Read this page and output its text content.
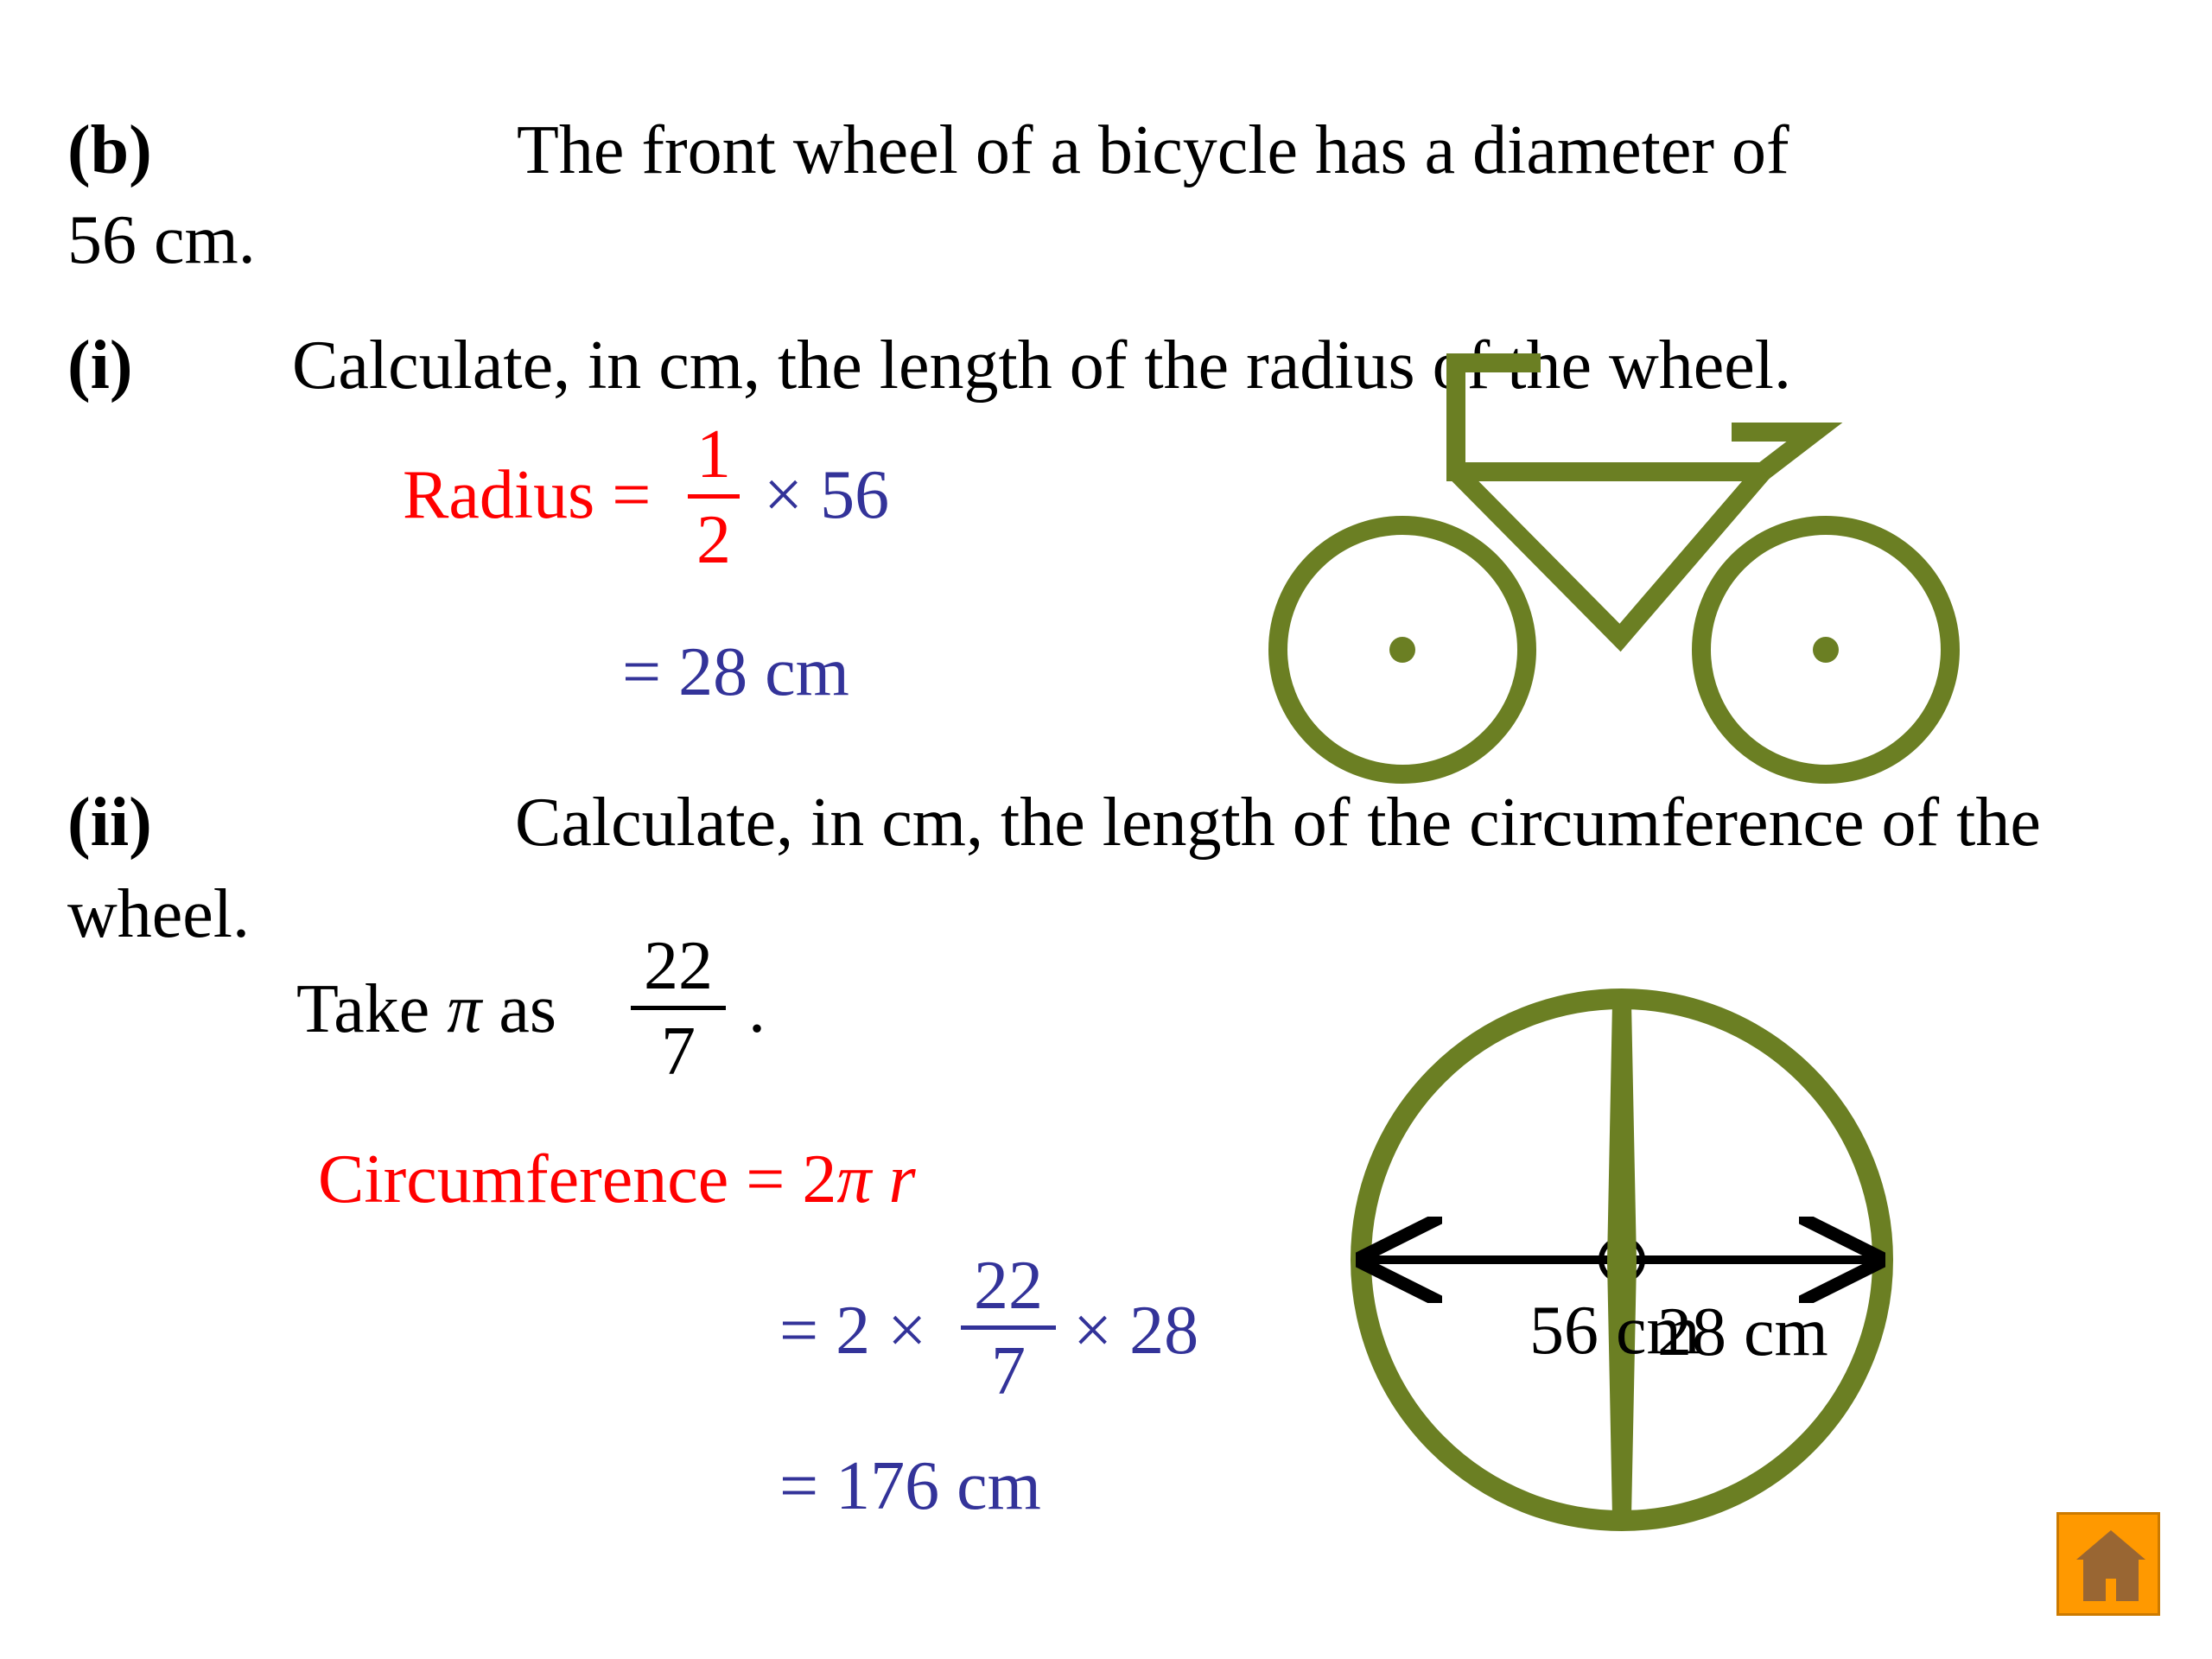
(b)	The front wheel of a bicycle has a diameter of
56 cm.
(i) Calculate, in cm, the length of the radius of the wheel.
Radius =
1
2
× 56
= 28 cm
(ii)	Calculate, in cm, the length of the circumference of the
wheel.
Take π as
22
7
.
Circumference = 2π r
= 2 ×
22
7
× 28
= 176 cm
56 cm
28 cm
